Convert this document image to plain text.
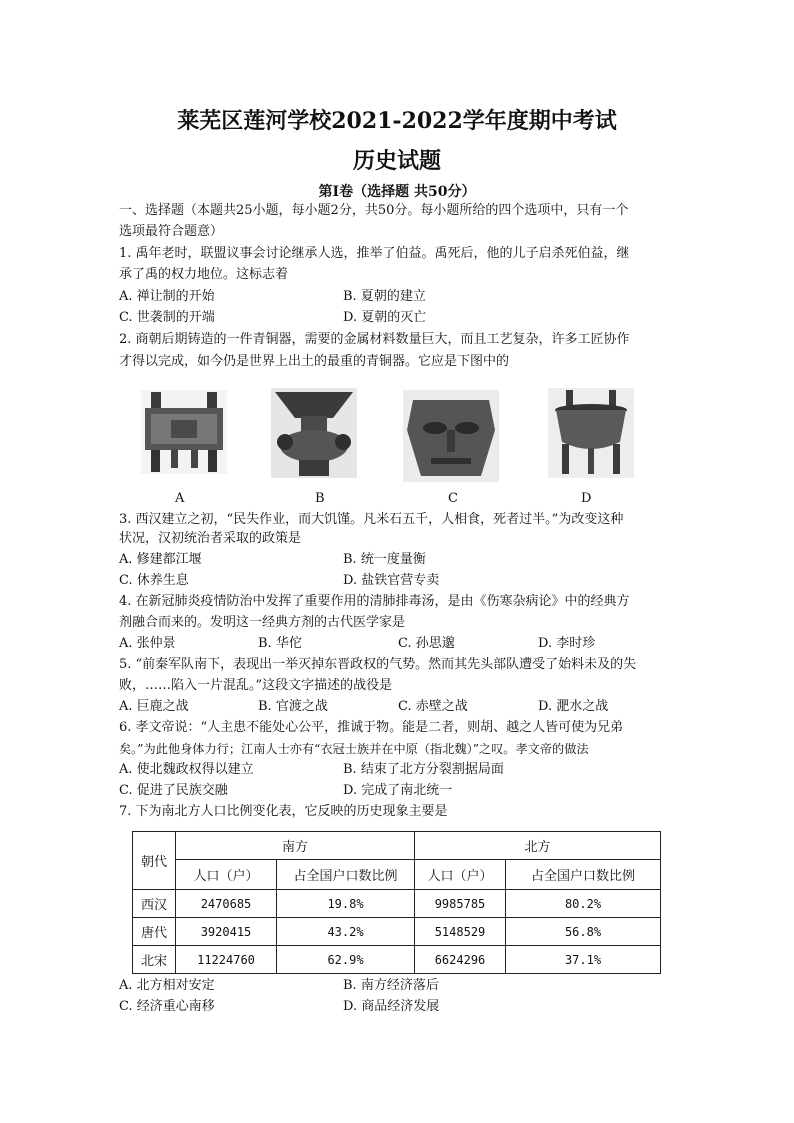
莱芜区莲河学校2021-2022学年度期中考试
历史试题
第Ⅰ卷（选择题 共50分）
一、选择题（本题共25小题，每小题2分，共50分。每小题所给的四个选项中，只有一个
选项最符合题意）
1. 禹年老时，联盟议事会讨论继承人选，推举了伯益。禹死后，他的儿子启杀死伯益，继
承了禹的权力地位。这标志着
A. 禅让制的开始	B. 夏朝的建立
C. 世袭制的开端	D. 夏朝的灭亡
2. 商朝后期铸造的一件青铜器，需要的金属材料数量巨大，而且工艺复杂，许多工匠协作
才得以完成，如今仍是世界上出土的最重的青铜器。它应是下图中的
A	B	C	D
3. 西汉建立之初，“民失作业，而大饥馑。凡米石五千，人相食，死者过半。”为改变这种
状况，汉初统治者采取的政策是
A. 修建都江堰	B. 统一度量衡
C. 休养生息	D. 盐铁官营专卖
4. 在新冠肺炎疫情防治中发挥了重要作用的清肺排毒汤，是由《伤寒杂病论》中的经典方
剂融合而来的。发明这一经典方剂的古代医学家是
A. 张仲景	B. 华佗	C. 孙思邈	D. 李时珍
5. “前秦军队南下，表现出一举灭掉东晋政权的气势。然而其先头部队遭受了始料未及的失
败，……陷入一片混乱。”这段文字描述的战役是
A. 巨鹿之战	B. 官渡之战	C. 赤壁之战	D. 淝水之战
6. 孝文帝说：“人主患不能处心公平，推诚于物。能是二者，则胡、越之人皆可使为兄弟
矣。”为此他身体力行；江南人士亦有“衣冠士族并在中原（指北魏）”之叹。孝文帝的做法
A. 使北魏政权得以建立	B. 结束了北方分裂割据局面
C. 促进了民族交融	D. 完成了南北统一
7. 下为南北方人口比例变化表，它反映的历史现象主要是
朝代	南方		北方	
	人口（户）	占全国户口数比例	人口（户）	占全国户口数比例
西汉	2470685	19.8%	9985785	80.2%
唐代	3920415	43.2%	5148529	56.8%
北宋	11224760	62.9%	6624296	37.1%
A. 北方相对安定	B. 南方经济落后
C. 经济重心南移	D. 商品经济发展
